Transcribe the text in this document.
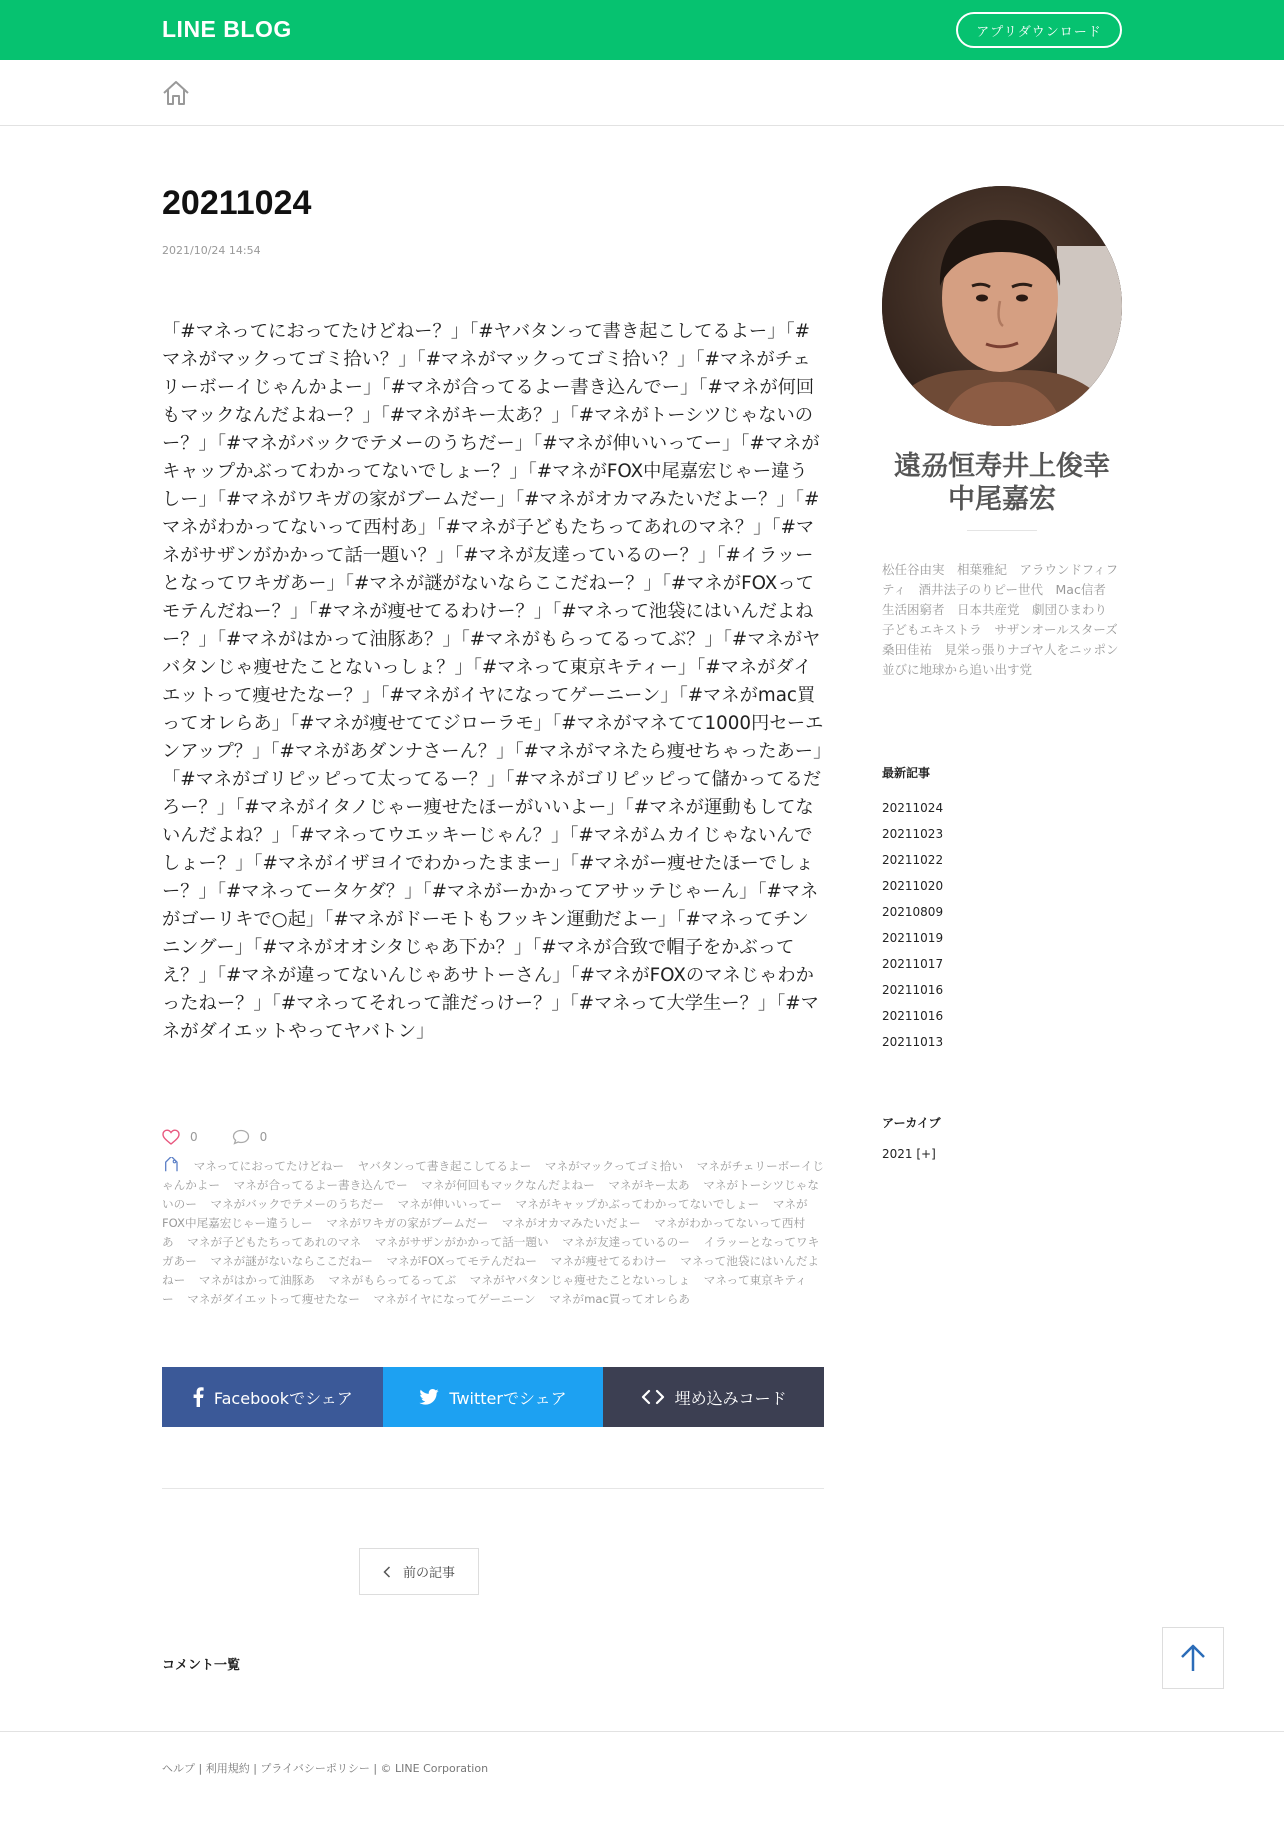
LINE BLOG	アプリダウンロード
20211024
2021/10/24 14:54
「#マネってにおってたけどねー？」「#ヤバタンって書き起こしてるよー」「#マネがマックってゴミ拾い？」「#マネがマックってゴミ拾い？」「#マネがチェリーボーイじゃんかよー」「#マネが合ってるよー書き込んでー」「#マネが何回もマックなんだよねー？」「#マネがキー太あ？」「#マネがトーシツじゃないのー？」「#マネがバックでテメーのうちだー」「#マネが伸いいってー」「#マネがキャップかぶってわかってないでしょー？」「#マネがFOX中尾嘉宏じゃー違うしー」「#マネがワキガの家がブームだー」「#マネがオカマみたいだよー？」「#マネがわかってないって西村あ」「#マネが子どもたちってあれのマネ？」「#マネがサザンがかかって話一題い？」「#マネが友達っているのー？」「#イラッーとなってワキガあー」「#マネが謎がないならここだねー？」「#マネがFOXってモテんだねー？」「#マネが痩せてるわけー？」「#マネって池袋にはいんだよねー？」「#マネがはかって油豚あ？」「#マネがもらってるってぶ？」「#マネがヤバタンじゃ痩せたことないっしょ？」「#マネって東京キティー」「#マネがダイエットって痩せたなー？」「#マネがイヤになってゲーニーン」「#マネがmac買ってオレらあ」「#マネが痩せててジローラモ」「#マネがマネてて1000円セーエンアップ？」「#マネがあダンナさーん？」「#マネがマネたら痩せちゃったあー」「#マネがゴリピッピって太ってるー？」「#マネがゴリピッピって儲かってるだろー？」「#マネがイタノじゃー痩せたほーがいいよー」「#マネが運動もしてないんだよね？」「#マネってウエッキーじゃん？」「#マネがムカイじゃないんでしょー？」「#マネがイザヨイでわかったままー」「#マネがー痩せたほーでしょー？」「#マネってータケダ？」「#マネがーかかってアサッテじゃーん」「#マネがゴーリキで○起」「#マネがドーモトもフッキン運動だよー」「#マネってチンニングー」「#マネがオオシタじゃあ下か？」「#マネが合致で帽子をかぶってえ？」「#マネが違ってないんじゃあサトーさん」「#マネがFOXのマネじゃわかったねー？」「#マネってそれって誰だっけー？」「#マネって大学生ー？」「#マネがダイエットやってヤバトン」
0	0
マネってにおってたけどねー ヤバタンって書き起こしてるよー マネがマックってゴミ拾い マネがチェリーボーイじゃんかよー マネが合ってるよー書き込んでー マネが何回もマックなんだよねー マネがキー太あ マネがトーシツじゃないのー マネがバックでテメーのうちだー マネが伸いいってー マネがキャップかぶってわかってないでしょー マネがFOX中尾嘉宏じゃー違うしー マネがワキガの家がブームだー マネがオカマみたいだよー マネがわかってないって西村あ マネが子どもたちってあれのマネ マネがサザンがかかって話一題い マネが友達っているのー イラッーとなってワキガあー マネが謎がないならここだねー マネがFOXってモテんだねー マネが痩せてるわけー マネって池袋にはいんだよねー マネがはかって油豚あ マネがもらってるってぶ マネがヤバタンじゃ痩せたことないっしょ マネって東京キティー マネがダイエットって痩せたなー マネがイヤになってゲーニーン マネがmac買ってオレらあ
Facebookでシェア	Twitterでシェア	埋め込みコード
前の記事
コメント一覧
ヘルプ | 利用規約 | プライバシーポリシー | © LINE Corporation
遠刕恒寿井上俊幸中尾嘉宏
松任谷由実　相葉雅紀　アラウンドフィフティ　酒井法子のりピー世代　Mac信者　生活困窮者　日本共産党　劇団ひまわり　子どもエキストラ　サザンオールスターズ　桑田佳祐　見栄っ張りナゴヤ人をニッポン並びに地球から追い出す党
最新記事
20211024
20211023
20211022
20211020
20210809
20211019
20211017
20211016
20211016
20211013
アーカイブ
2021 [+]
